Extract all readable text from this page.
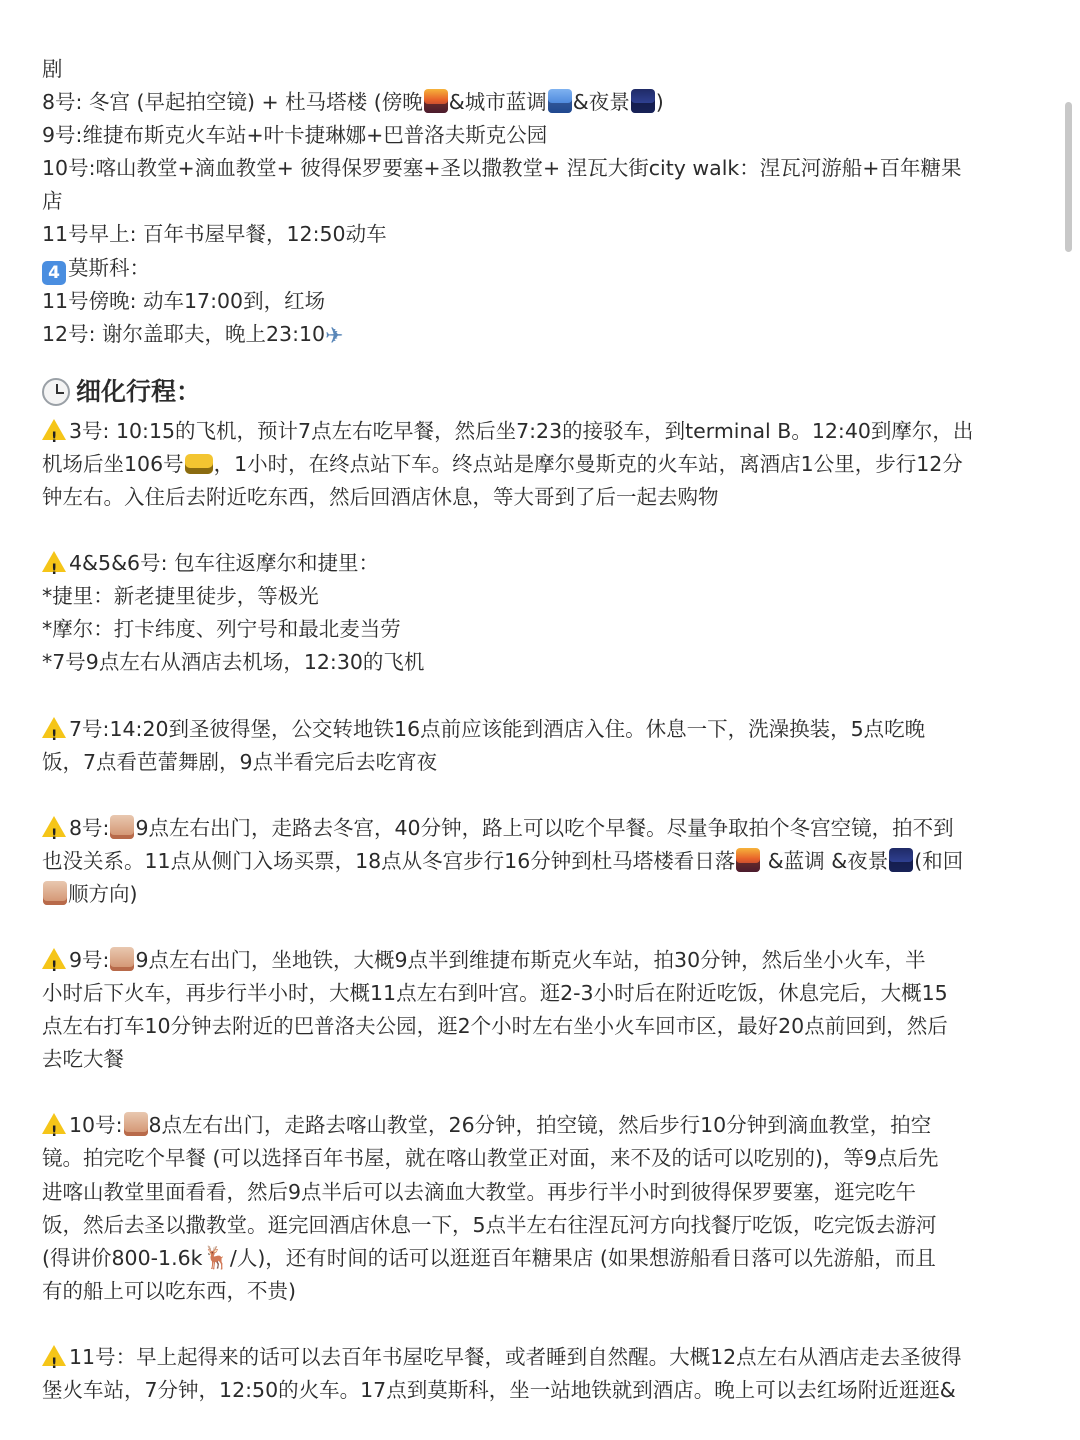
剧
8号: 冬宫 (早起拍空镜) + 杜马塔楼 (傍晚 &城市蓝调 &夜景 )
9号:维捷布斯克火车站+叶卡捷琳娜+巴普洛夫斯克公园
10号:喀山教堂+滴血教堂+ 彼得保罗要塞+圣以撒教堂+ 涅瓦大街city walk：涅瓦河游船+百年糖果
店
11号早上: 百年书屋早餐，12:50动车
4 莫斯科：
11号傍晚: 动车17:00到，红场
12号: 谢尔盖耶夫，晚上23:10✈
细化行程：
!3号: 10:15的飞机，预计7点左右吃早餐，然后坐7:23的接驳车，到terminal B。12:40到摩尔，出
机场后坐106号 ，1小时，在终点站下车。终点站是摩尔曼斯克的火车站，离酒店1公里，步行12分
钟左右。入住后去附近吃东西，然后回酒店休息，等大哥到了后一起去购物
!4&5&6号: 包车往返摩尔和捷里：
*捷里：新老捷里徒步，等极光
*摩尔：打卡纬度、列宁号和最北麦当劳
*7号9点左右从酒店去机场，12:30的飞机
!7号:14:20到圣彼得堡，公交转地铁16点前应该能到酒店入住。休息一下，洗澡换装，5点吃晚
饭，7点看芭蕾舞剧，9点半看完后去吃宵夜
!8号: 9点左右出门，走路去冬宫，40分钟，路上可以吃个早餐。尽量争取拍个冬宫空镜，拍不到
也没关系。11点从侧门入场买票，18点从冬宫步行16分钟到杜马塔楼看日落 &蓝调 &夜景 (和回
顺方向)
!9号: 9点左右出门，坐地铁，大概9点半到维捷布斯克火车站，拍30分钟，然后坐小火车，半
小时后下火车，再步行半小时，大概11点左右到叶宫。逛2-3小时后在附近吃饭，休息完后，大概15
点左右打车10分钟去附近的巴普洛夫公园，逛2个小时左右坐小火车回市区，最好20点前回到，然后
去吃大餐
!10号: 8点左右出门，走路去喀山教堂，26分钟，拍空镜，然后步行10分钟到滴血教堂，拍空
镜。拍完吃个早餐 (可以选择百年书屋，就在喀山教堂正对面，来不及的话可以吃别的)，等9点后先
进喀山教堂里面看看，然后9点半后可以去滴血大教堂。再步行半小时到彼得保罗要塞，逛完吃午
饭，然后去圣以撒教堂。逛完回酒店休息一下，5点半左右往涅瓦河方向找餐厅吃饭，吃完饭去游河
(得讲价800-1.6k🦌/人)，还有时间的话可以逛逛百年糖果店 (如果想游船看日落可以先游船，而且
有的船上可以吃东西，不贵)
!11号：早上起得来的话可以去百年书屋吃早餐，或者睡到自然醒。大概12点左右从酒店走去圣彼得
堡火车站，7分钟，12:50的火车。17点到莫斯科，坐一站地铁就到酒店。晚上可以去红场附近逛逛&
